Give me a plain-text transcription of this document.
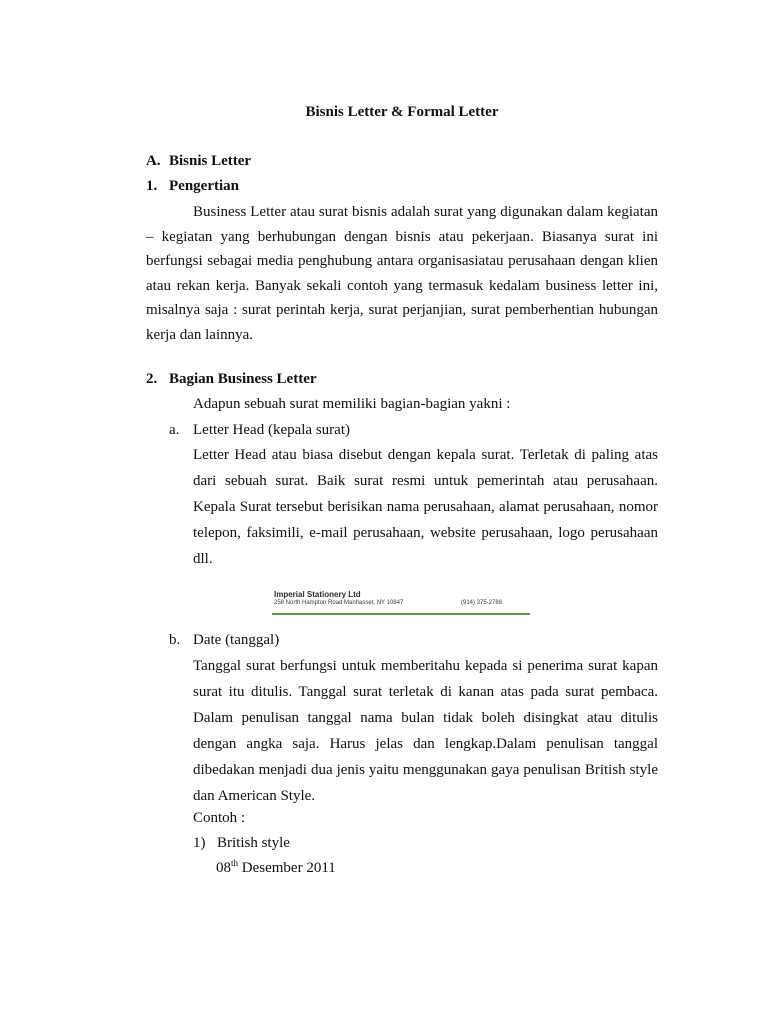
Bisnis Letter & Formal Letter
A. Bisnis Letter
1. Pengertian

Business Letter atau surat bisnis adalah surat yang digunakan dalam kegiatan – kegiatan yang berhubungan dengan bisnis atau pekerjaan. Biasanya surat ini berfungsi sebagai media penghubung antara organisasiatau perusahaan dengan klien atau rekan kerja. Banyak sekali contoh yang termasuk kedalam business letter ini, misalnya saja : surat perintah kerja, surat perjanjian, surat pemberhentian hubungan kerja dan lainnya.

2. Bagian Business Letter
Adapun sebuah surat memiliki bagian-bagian yakni :
a. Letter Head (kepala surat)

Letter Head atau biasa disebut dengan kepala surat. Terletak di paling atas dari sebuah surat. Baik surat resmi untuk pemerintah atau perusahaan. Kepala Surat tersebut berisikan nama perusahaan, alamat perusahaan, nomor telepon, faksimili, e-mail perusahaan, website perusahaan, logo perusahaan dll.

Imperial Stationery Ltd
258 North Hampton Road Manhasset, NY 10847	(914) 375-2788
b. Date (tanggal)

Tanggal surat berfungsi untuk memberitahu kepada si penerima surat kapan surat itu ditulis. Tanggal surat terletak di kanan atas pada surat pembaca. Dalam penulisan tanggal nama bulan tidak boleh disingkat atau ditulis dengan angka saja. Harus jelas dan lengkap.Dalam penulisan tanggal dibedakan menjadi dua jenis yaitu menggunakan gaya penulisan British style dan American Style.

Contoh :
1) British style
08th Desember 2011
